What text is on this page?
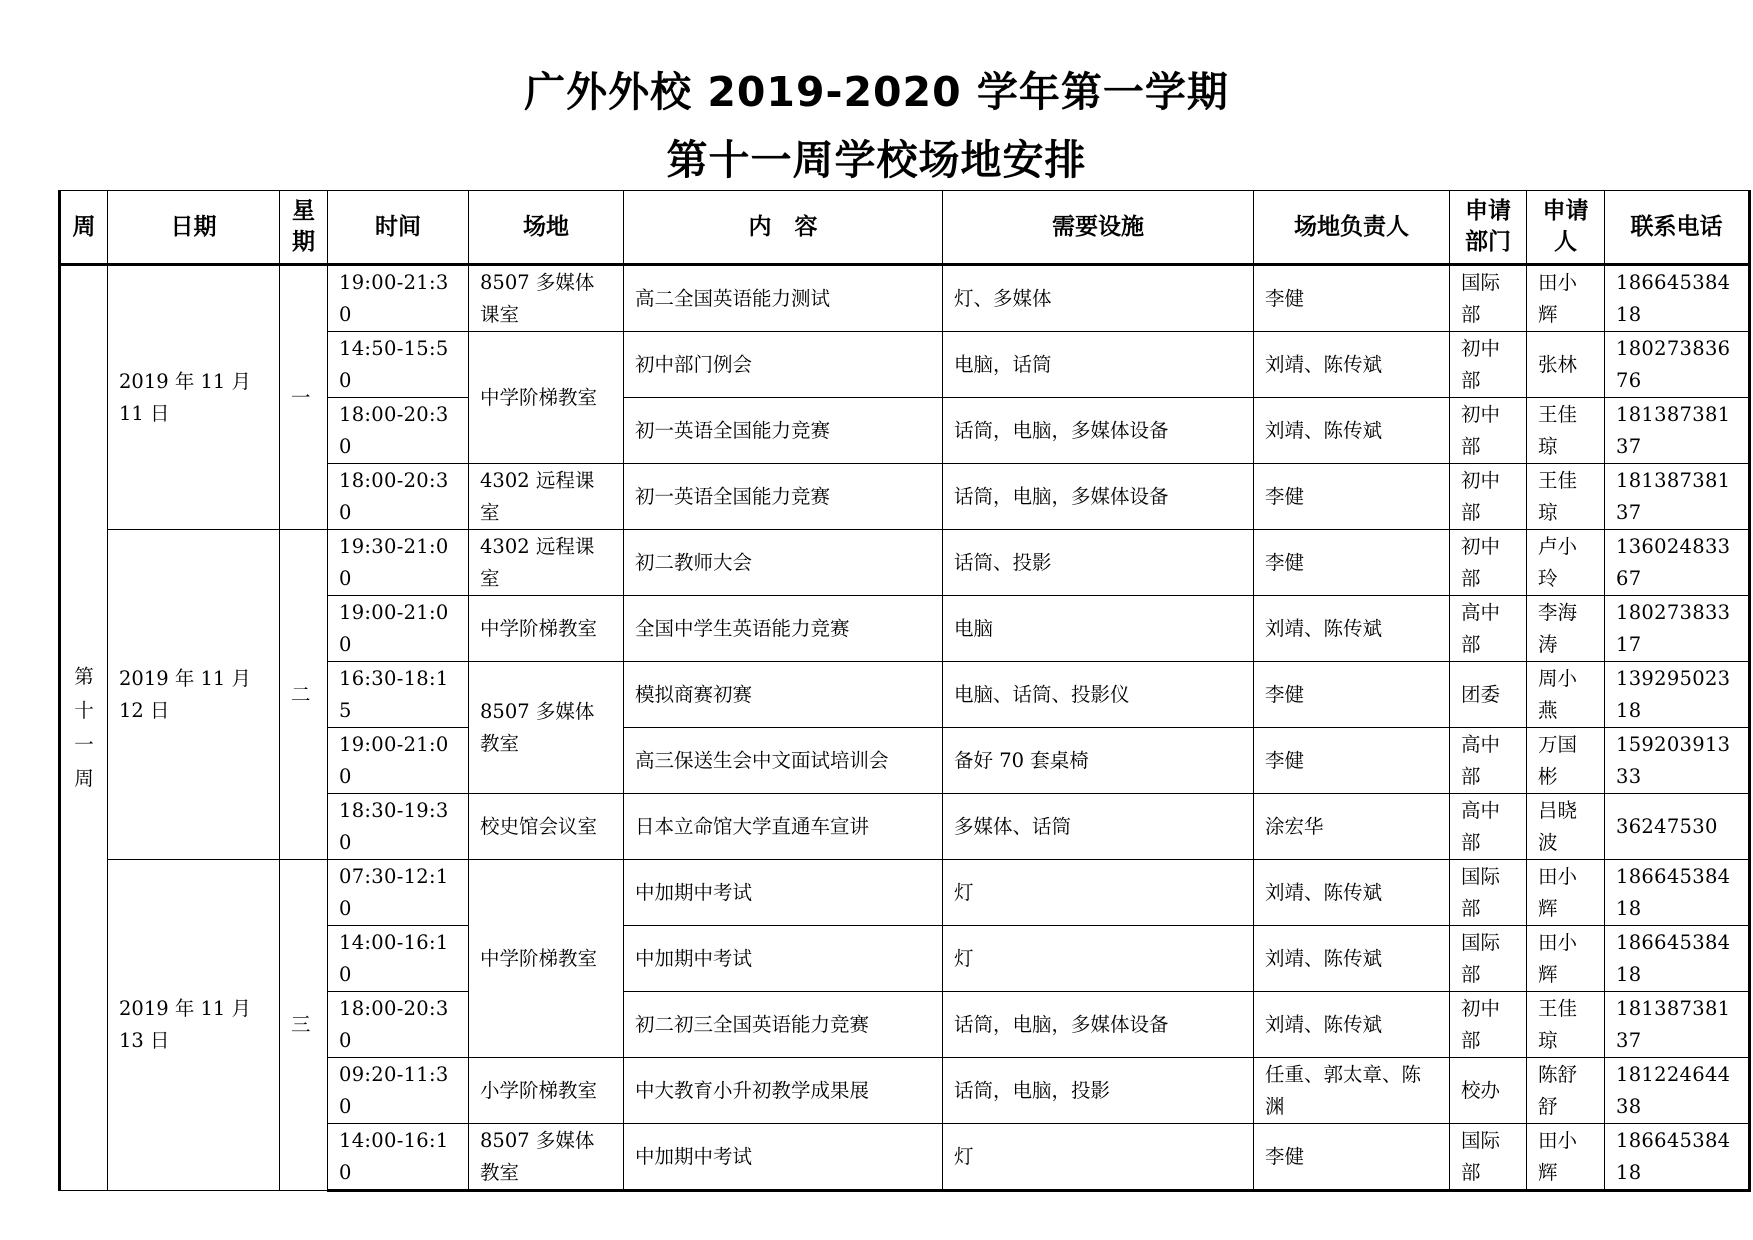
广外外校 2019-2020 学年第一学期
第十一周学校场地安排
周	日期	星期	时间	场地	内　容	需要设施	场地负责人	申请部门	申请人	联系电话
第十一周	2019 年 11 月 11 日	一	19:00-21:30	8507 多媒体课室	高二全国英语能力测试	灯、多媒体	李健	国际部	田小辉	18664538418
			14:50-15:50	中学阶梯教室	初中部门例会	电脑，话筒	刘靖、陈传斌	初中部	张林	18027383676
			18:00-20:30		初一英语全国能力竞赛	话筒，电脑，多媒体设备	刘靖、陈传斌	初中部	王佳琼	18138738137
			18:00-20:30	4302 远程课室	初一英语全国能力竞赛	话筒，电脑，多媒体设备	李健	初中部	王佳琼	18138738137
	2019 年 11 月 12 日	二	19:30-21:00	4302 远程课室	初二教师大会	话筒、投影	李健	初中部	卢小玲	13602483367
			19:00-21:00	中学阶梯教室	全国中学生英语能力竞赛	电脑	刘靖、陈传斌	高中部	李海涛	18027383317
			16:30-18:15	8507 多媒体教室	模拟商赛初赛	电脑、话筒、投影仪	李健	团委	周小燕	13929502318
			19:00-21:00		高三保送生会中文面试培训会	备好 70 套桌椅	李健	高中部	万国彬	15920391333
			18:30-19:30	校史馆会议室	日本立命馆大学直通车宣讲	多媒体、话筒	涂宏华	高中部	吕晓波	36247530
	2019 年 11 月 13 日	三	07:30-12:10	中学阶梯教室	中加期中考试	灯	刘靖、陈传斌	国际部	田小辉	18664538418
			14:00-16:10		中加期中考试	灯	刘靖、陈传斌	国际部	田小辉	18664538418
			18:00-20:30		初二初三全国英语能力竞赛	话筒，电脑，多媒体设备	刘靖、陈传斌	初中部	王佳琼	18138738137
			09:20-11:30	小学阶梯教室	中大教育小升初教学成果展	话筒，电脑，投影	任重、郭太章、陈渊	校办	陈舒舒	18122464438
			14:00-16:10	8507 多媒体教室	中加期中考试	灯	李健	国际部	田小辉	18664538418
